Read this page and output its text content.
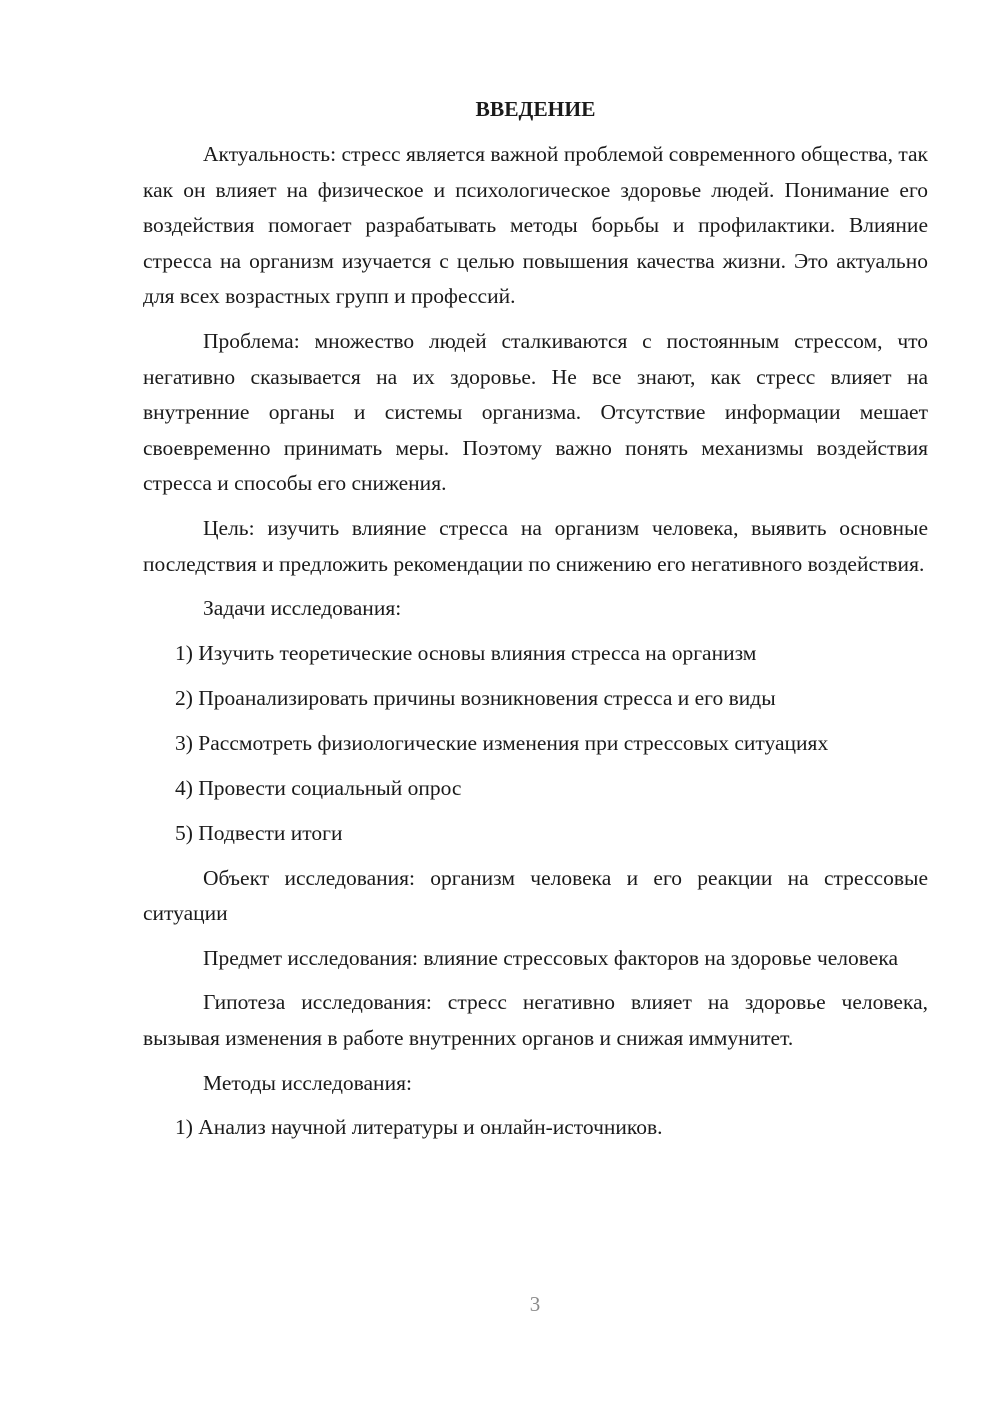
ВВЕДЕНИЕ

Актуальность: стресс является важной проблемой современного общества, так как он влияет на физическое и психологическое здоровье людей. Понимание его воздействия помогает разрабатывать методы борьбы и профилактики. Влияние стресса на организм изучается с целью повышения качества жизни. Это актуально для всех возрастных групп и профессий.

Проблема: множество людей сталкиваются с постоянным стрессом, что негативно сказывается на их здоровье. Не все знают, как стресс влияет на внутренние органы и системы организма. Отсутствие информации мешает своевременно принимать меры. Поэтому важно понять механизмы воздействия стресса и способы его снижения.

Цель: изучить влияние стресса на организм человека, выявить основные последствия и предложить рекомендации по снижению его негативного воздействия.

Задачи исследования:

1) Изучить теоретические основы влияния стресса на организм
2) Проанализировать причины возникновения стресса и его виды
3) Рассмотреть физиологические изменения при стрессовых ситуациях
4) Провести социальный опрос
5) Подвести итоги

Объект исследования: организм человека и его реакции на стрессовые ситуации

Предмет исследования: влияние стрессовых факторов на здоровье человека

Гипотеза исследования: стресс негативно влияет на здоровье человека, вызывая изменения в работе внутренних органов и снижая иммунитет.

Методы исследования:

1) Анализ научной литературы и онлайн-источников.
3
